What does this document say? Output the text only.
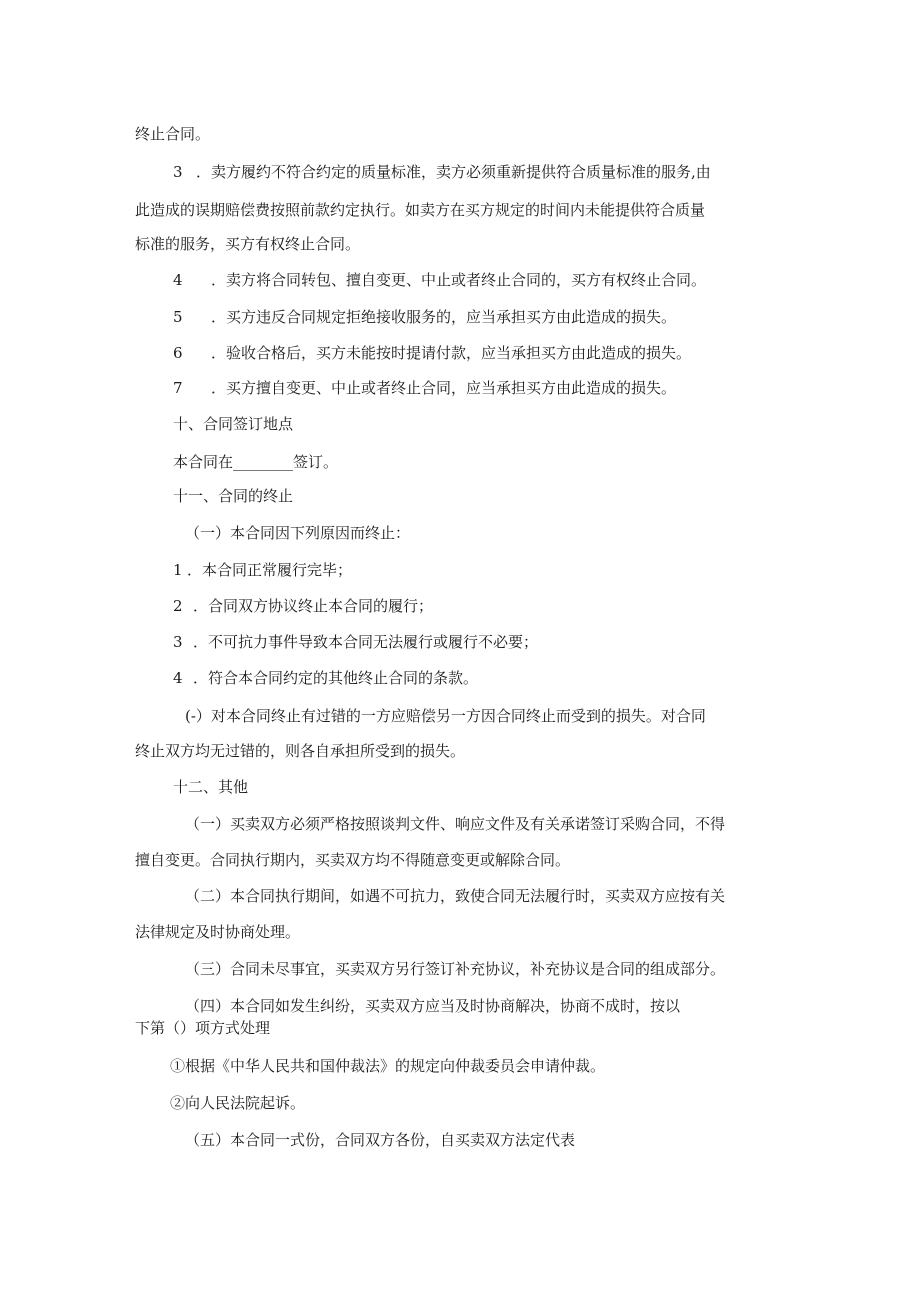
终止合同。
3 ．卖方履约不符合约定的质量标准，卖方必须重新提供符合质量标准的服务,由
此造成的误期赔偿费按照前款约定执行。如卖方在买方规定的时间内未能提供符合质量
标准的服务，买方有权终止合同。
4 ．卖方将合同转包、擅自变更、中止或者终止合同的，买方有权终止合同。
5 ．买方违反合同规定拒绝接收服务的，应当承担买方由此造成的损失。
6 ．验收合格后，买方未能按时提请付款，应当承担买方由此造成的损失。
7 ．买方擅自变更、中止或者终止合同，应当承担买方由此造成的损失。
十、合同签订地点
本合同在________签订。
十一、合同的终止
（一）本合同因下列原因而终止：
1 ．本合同正常履行完毕；
2 ．合同双方协议终止本合同的履行；
3 ．不可抗力事件导致本合同无法履行或履行不必要；
4 ．符合本合同约定的其他终止合同的条款。
(-）对本合同终止有过错的一方应赔偿另一方因合同终止而受到的损失。对合同
终止双方均无过错的，则各自承担所受到的损失。
十二、其他
（一）买卖双方必须严格按照谈判文件、响应文件及有关承诺签订采购合同，不得
擅自变更。合同执行期内，买卖双方均不得随意变更或解除合同。
（二）本合同执行期间，如遇不可抗力，致使合同无法履行时，买卖双方应按有关
法律规定及时协商处理。
（三）合同未尽事宜，买卖双方另行签订补充协议，补充协议是合同的组成部分。
（四）本合同如发生纠纷，买卖双方应当及时协商解决，协商不成时，按以
下第（）项方式处理
①根据《中华人民共和国仲裁法》的规定向仲裁委员会申请仲裁。
②向人民法院起诉。
（五）本合同一式份，合同双方各份，自买卖双方法定代表
